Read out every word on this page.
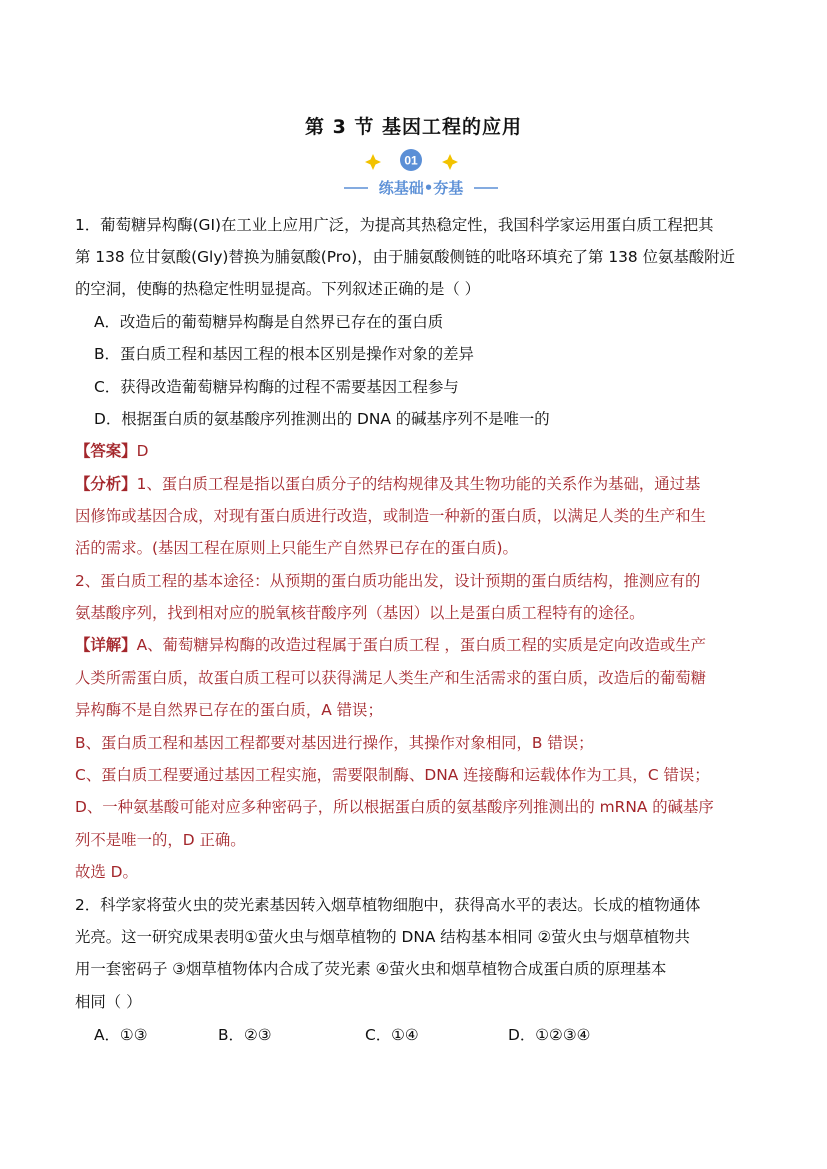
第 3 节 基因工程的应用
01
练基础•夯基
1．葡萄糖异构酶(GI)在工业上应用广泛，为提高其热稳定性，我国科学家运用蛋白质工程把其
第 138 位甘氨酸(Gly)替换为脯氨酸(Pro)，由于脯氨酸侧链的吡咯环填充了第 138 位氨基酸附近
的空洞，使酶的热稳定性明显提高。下列叙述正确的是（ ）
A．改造后的葡萄糖异构酶是自然界已存在的蛋白质
B．蛋白质工程和基因工程的根本区别是操作对象的差异
C．获得改造葡萄糖异构酶的过程不需要基因工程参与
D．根据蛋白质的氨基酸序列推测出的 DNA 的碱基序列不是唯一的
【答案】D
【分析】1、蛋白质工程是指以蛋白质分子的结构规律及其生物功能的关系作为基础，通过基
因修饰或基因合成，对现有蛋白质进行改造，或制造一种新的蛋白质，以满足人类的生产和生
活的需求。(基因工程在原则上只能生产自然界已存在的蛋白质)。
2、蛋白质工程的基本途径：从预期的蛋白质功能出发，设计预期的蛋白质结构，推测应有的
氨基酸序列，找到相对应的脱氧核苷酸序列（基因）以上是蛋白质工程特有的途径。
【详解】A、葡萄糖异构酶的改造过程属于蛋白质工程 ，蛋白质工程的实质是定向改造或生产
人类所需蛋白质，故蛋白质工程可以获得满足人类生产和生活需求的蛋白质，改造后的葡萄糖
异构酶不是自然界已存在的蛋白质，A 错误；
B、蛋白质工程和基因工程都要对基因进行操作，其操作对象相同，B 错误；
C、蛋白质工程要通过基因工程实施，需要限制酶、DNA 连接酶和运载体作为工具，C 错误；
D、一种氨基酸可能对应多种密码子，所以根据蛋白质的氨基酸序列推测出的 mRNA 的碱基序
列不是唯一的，D 正确。
故选 D。
2．科学家将萤火虫的荧光素基因转入烟草植物细胞中，获得高水平的表达。长成的植物通体
光亮。这一研究成果表明①萤火虫与烟草植物的 DNA 结构基本相同 ②萤火虫与烟草植物共
用一套密码子 ③烟草植物体内合成了荧光素 ④萤火虫和烟草植物合成蛋白质的原理基本
相同（ ）
A．①③	B．②③	C．①④	D．①②③④
